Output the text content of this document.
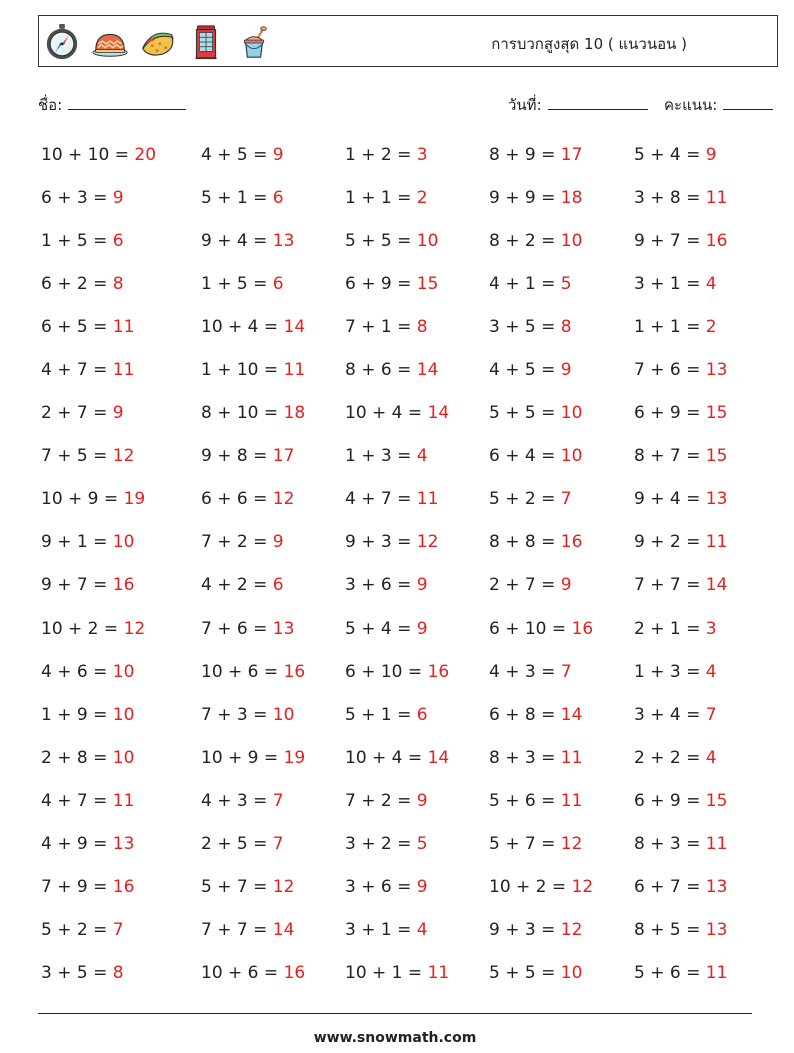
การบวกสูงสุด 10 ( แนวนอน )
ชื่อ:	วันที่:	คะแนน:
10 + 10 = 20	4 + 5 = 9	1 + 2 = 3	8 + 9 = 17	5 + 4 = 9
6 + 3 = 9	5 + 1 = 6	1 + 1 = 2	9 + 9 = 18	3 + 8 = 11
1 + 5 = 6	9 + 4 = 13	5 + 5 = 10	8 + 2 = 10	9 + 7 = 16
6 + 2 = 8	1 + 5 = 6	6 + 9 = 15	4 + 1 = 5	3 + 1 = 4
6 + 5 = 11	10 + 4 = 14	7 + 1 = 8	3 + 5 = 8	1 + 1 = 2
4 + 7 = 11	1 + 10 = 11	8 + 6 = 14	4 + 5 = 9	7 + 6 = 13
2 + 7 = 9	8 + 10 = 18	10 + 4 = 14	5 + 5 = 10	6 + 9 = 15
7 + 5 = 12	9 + 8 = 17	1 + 3 = 4	6 + 4 = 10	8 + 7 = 15
10 + 9 = 19	6 + 6 = 12	4 + 7 = 11	5 + 2 = 7	9 + 4 = 13
9 + 1 = 10	7 + 2 = 9	9 + 3 = 12	8 + 8 = 16	9 + 2 = 11
9 + 7 = 16	4 + 2 = 6	3 + 6 = 9	2 + 7 = 9	7 + 7 = 14
10 + 2 = 12	7 + 6 = 13	5 + 4 = 9	6 + 10 = 16	2 + 1 = 3
4 + 6 = 10	10 + 6 = 16	6 + 10 = 16	4 + 3 = 7	1 + 3 = 4
1 + 9 = 10	7 + 3 = 10	5 + 1 = 6	6 + 8 = 14	3 + 4 = 7
2 + 8 = 10	10 + 9 = 19	10 + 4 = 14	8 + 3 = 11	2 + 2 = 4
4 + 7 = 11	4 + 3 = 7	7 + 2 = 9	5 + 6 = 11	6 + 9 = 15
4 + 9 = 13	2 + 5 = 7	3 + 2 = 5	5 + 7 = 12	8 + 3 = 11
7 + 9 = 16	5 + 7 = 12	3 + 6 = 9	10 + 2 = 12	6 + 7 = 13
5 + 2 = 7	7 + 7 = 14	3 + 1 = 4	9 + 3 = 12	8 + 5 = 13
3 + 5 = 8	10 + 6 = 16	10 + 1 = 11	5 + 5 = 10	5 + 6 = 11
www.snowmath.com
